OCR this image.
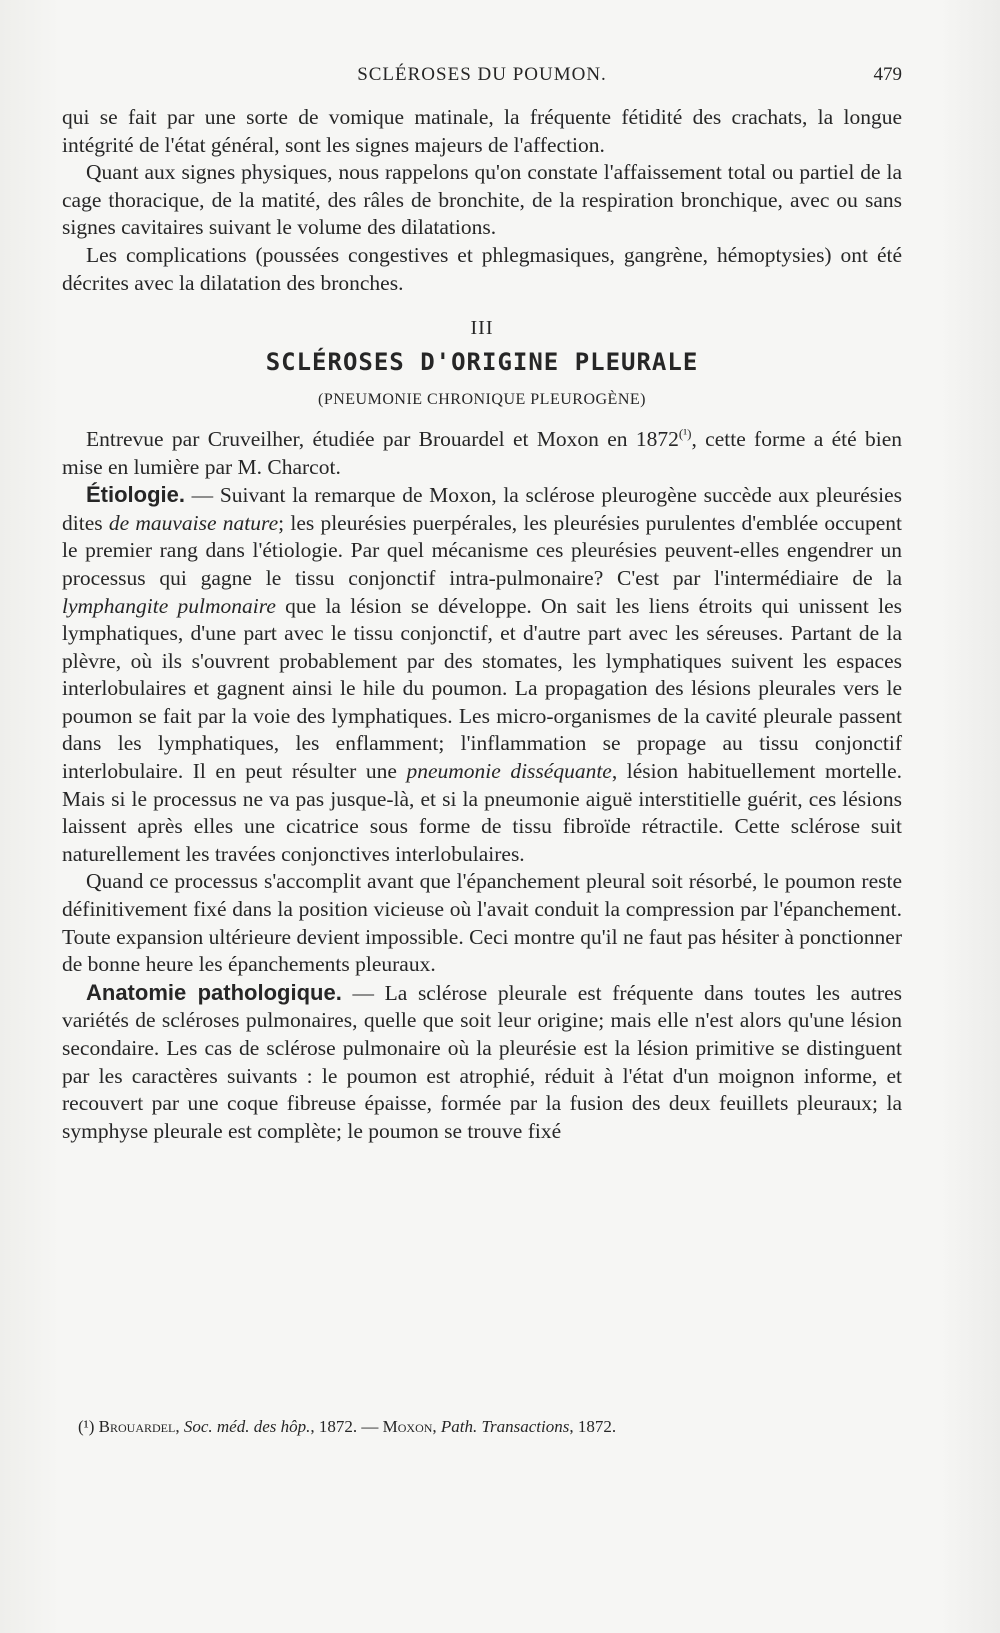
SCLÉROSES DU POUMON.	479

qui se fait par une sorte de vomique matinale, la fréquente fétidité des crachats, la longue intégrité de l'état général, sont les signes majeurs de l'affection.

Quant aux signes physiques, nous rappelons qu'on constate l'affaissement total ou partiel de la cage thoracique, de la matité, des râles de bronchite, de la respiration bronchique, avec ou sans signes cavitaires suivant le volume des dilatations.

Les complications (poussées congestives et phlegmasiques, gangrène, hémoptysies) ont été décrites avec la dilatation des bronches.

III
SCLÉROSES D'ORIGINE PLEURALE
(PNEUMONIE CHRONIQUE PLEUROGÈNE)

Entrevue par Cruveilher, étudiée par Brouardel et Moxon en $1872^{(^1)}$, cette forme a été bien mise en lumière par M. Charcot.

Étiologie. — Suivant la remarque de Moxon, la sclérose pleurogène succède aux pleurésies dites de mauvaise nature; les pleurésies puerpérales, les pleurésies purulentes d'emblée occupent le premier rang dans l'étiologie. Par quel mécanisme ces pleurésies peuvent-elles engendrer un processus qui gagne le tissu conjonctif intra-pulmonaire? C'est par l'intermédiaire de la lymphangite pulmonaire que la lésion se développe. On sait les liens étroits qui unissent les lymphatiques, d'une part avec le tissu conjonctif, et d'autre part avec les séreuses. Partant de la plèvre, où ils s'ouvrent probablement par des stomates, les lymphatiques suivent les espaces interlobulaires et gagnent ainsi le hile du poumon. La propagation des lésions pleurales vers le poumon se fait par la voie des lymphatiques. Les micro-organismes de la cavité pleurale passent dans les lymphatiques, les enflamment; l'inflammation se propage au tissu conjonctif interlobulaire. Il en peut résulter une pneumonie disséquante, lésion habituellement mortelle. Mais si le processus ne va pas jusque-là, et si la pneumonie aiguë interstitielle guérit, ces lésions laissent après elles une cicatrice sous forme de tissu fibroïde rétractile. Cette sclérose suit naturellement les travées conjonctives interlobulaires.

Quand ce processus s'accomplit avant que l'épanchement pleural soit résorbé, le poumon reste définitivement fixé dans la position vicieuse où l'avait conduit la compression par l'épanchement. Toute expansion ultérieure devient impossible. Ceci montre qu'il ne faut pas hésiter à ponctionner de bonne heure les épanchements pleuraux.

Anatomie pathologique. — La sclérose pleurale est fréquente dans toutes les autres variétés de scléroses pulmonaires, quelle que soit leur origine; mais elle n'est alors qu'une lésion secondaire. Les cas de sclérose pulmonaire où la pleurésie est la lésion primitive se distinguent par les caractères suivants : le poumon est atrophié, réduit à l'état d'un moignon informe, et recouvert par une coque fibreuse épaisse, formée par la fusion des deux feuillets pleuraux; la symphyse pleurale est complète; le poumon se trouve fixé

(¹) Brouardel, Soc. méd. des hôp., 1872. — Moxon, Path. Transactions, 1872.
